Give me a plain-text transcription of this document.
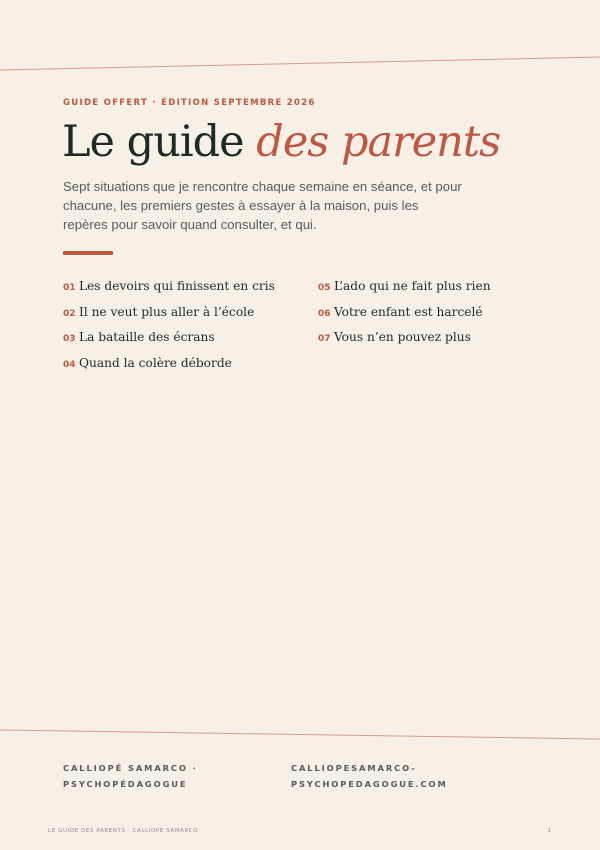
GUIDE OFFERT · ÉDITION SEPTEMBRE 2026
Le guide des parents

Sept situations que je rencontre chaque semaine en séance, et pour chacune, les premiers gestes à essayer à la maison, puis les repères pour savoir quand consulter, et qui.

01 Les devoirs qui finissent en cris
02 Il ne veut plus aller à l’école
03 La bataille des écrans
04 Quand la colère déborde
05 L’ado qui ne fait plus rien
06 Votre enfant est harcelé
07 Vous n’en pouvez plus
CALLIOPÉ SAMARCO ·
PSYCHOPÉDAGOGUE
CALLIOPESAMARCO-
PSYCHOPEDAGOGUE.COM
LE GUIDE DES PARENTS · CALLIOPÉ SAMARCO	1
